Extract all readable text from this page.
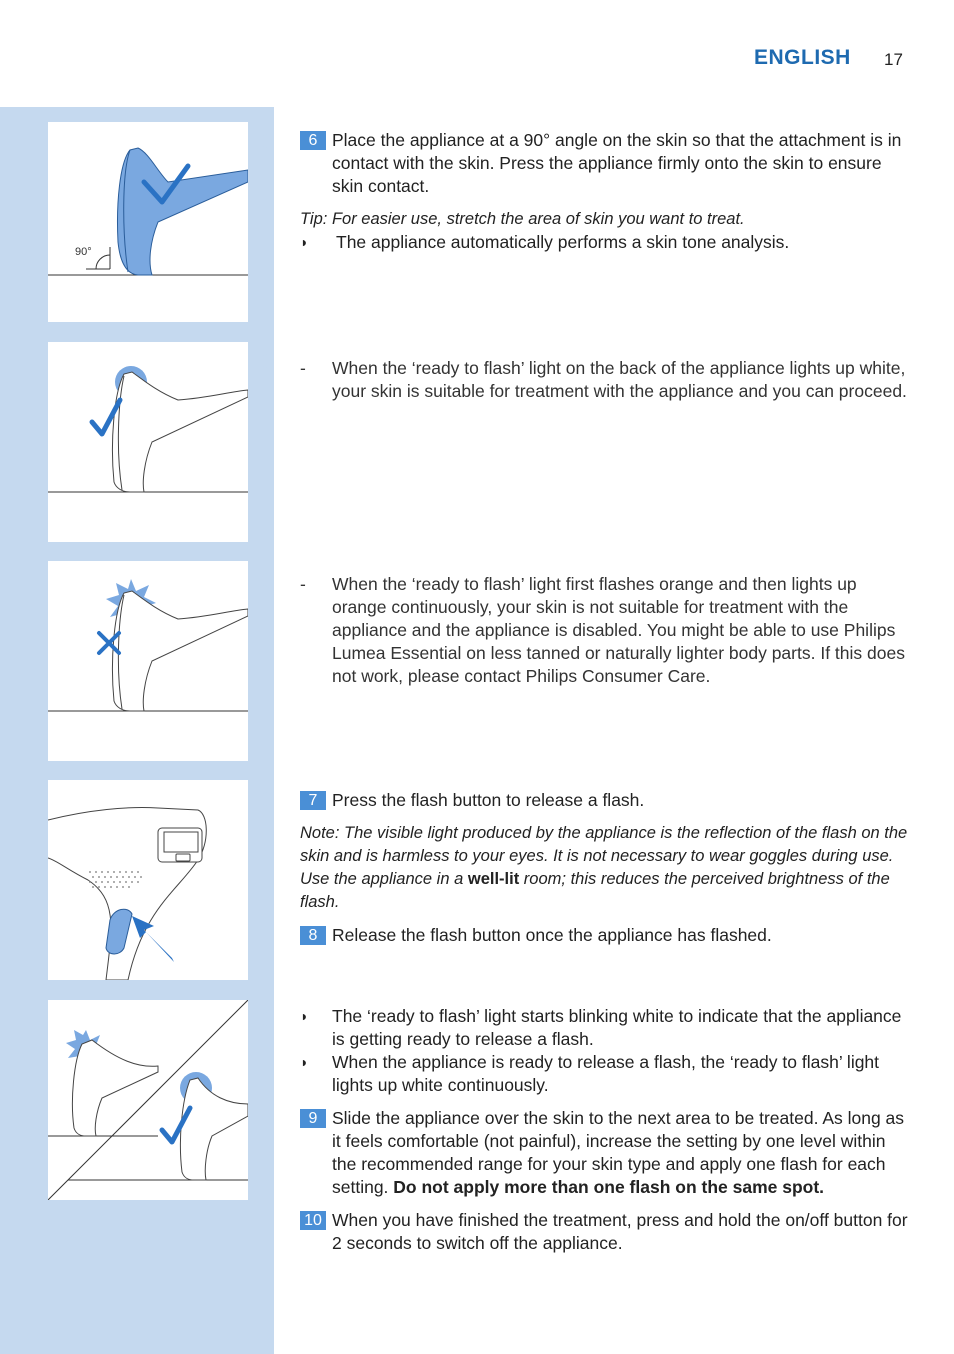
ENGLISH 17
90°
6 Place the appliance at a 90° angle on the skin so that the attachment is in contact with the skin. Press the appliance firmly onto the skin to ensure skin contact.
Tip: For easier use, stretch the area of skin you want to treat.
◗ The appliance automatically performs a skin tone analysis.
- When the ‘ready to flash’ light on the back of the appliance lights up white, your skin is suitable for treatment with the appliance and you can proceed.
- When the ‘ready to flash’ light first flashes orange and then lights up orange continuously, your skin is not suitable for treatment with the appliance and the appliance is disabled. You might be able to use Philips Lumea Essential on less tanned or naturally lighter body parts. If this does not work, please contact Philips Consumer Care.
7 Press the flash button to release a flash.
Note: The visible light produced by the appliance is the reflection of the flash on the skin and is harmless to your eyes. It is not necessary to wear goggles during use. Use the appliance in a well-lit room; this reduces the perceived brightness of the flash.
8 Release the flash button once the appliance has flashed.
◗ The ‘ready to flash’ light starts blinking white to indicate that the appliance is getting ready to release a flash.
◗ When the appliance is ready to release a flash, the ‘ready to flash’ light lights up white continuously.
9 Slide the appliance over the skin to the next area to be treated. As long as it feels comfortable (not painful), increase the setting by one level within the recommended range for your skin type and apply one flash for each setting. Do not apply more than one flash on the same spot.
10 When you have finished the treatment, press and hold the on/off button for 2 seconds to switch off the appliance.
